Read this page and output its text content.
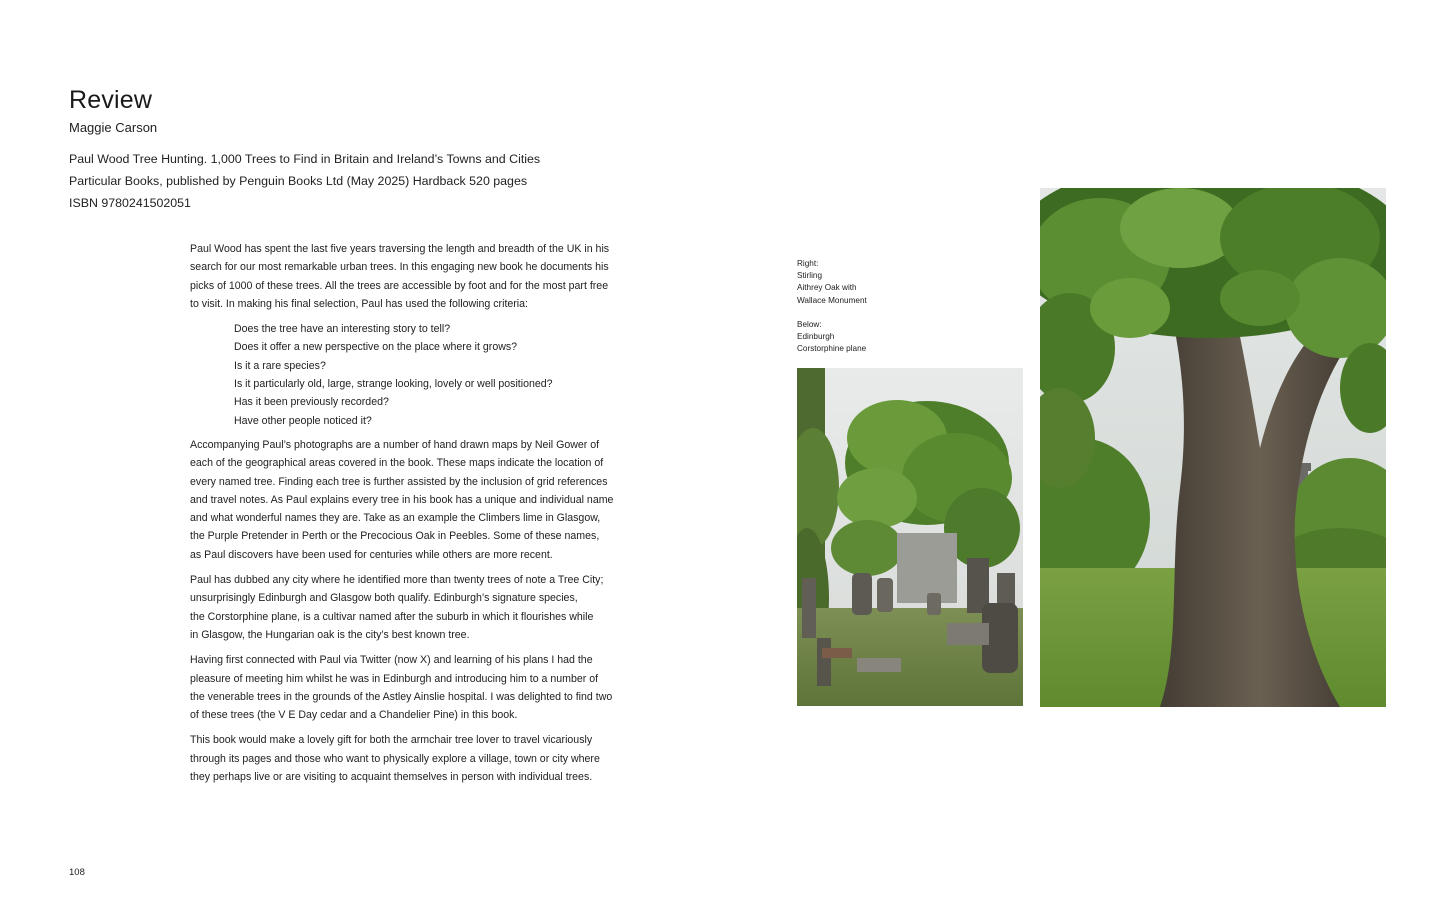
Review
Maggie Carson
Paul Wood Tree Hunting. 1,000 Trees to Find in Britain and Ireland’s Towns and Cities
Particular Books, published by Penguin Books Ltd (May 2025) Hardback 520 pages
ISBN 9780241502051
Paul Wood has spent the last five years traversing the length and breadth of the UK in his
search for our most remarkable urban trees. In this engaging new book he documents his
picks of 1000 of these trees. All the trees are accessible by foot and for the most part free
to visit. In making his final selection, Paul has used the following criteria:
Does the tree have an interesting story to tell?
Does it offer a new perspective on the place where it grows?
Is it a rare species?
Is it particularly old, large, strange looking, lovely or well positioned?
Has it been previously recorded?
Have other people noticed it?
Accompanying Paul’s photographs are a number of hand drawn maps by Neil Gower of
each of the geographical areas covered in the book. These maps indicate the location of
every named tree. Finding each tree is further assisted by the inclusion of grid references
and travel notes. As Paul explains every tree in his book has a unique and individual name
and what wonderful names they are. Take as an example the Climbers lime in Glasgow,
the Purple Pretender in Perth or the Precocious Oak in Peebles. Some of these names,
as Paul discovers have been used for centuries while others are more recent.
Paul has dubbed any city where he identified more than twenty trees of note a Tree City;
unsurprisingly Edinburgh and Glasgow both qualify. Edinburgh’s signature species,
the Corstorphine plane, is a cultivar named after the suburb in which it flourishes while
in Glasgow, the Hungarian oak is the city’s best known tree.
Having first connected with Paul via Twitter (now X) and learning of his plans I had the
pleasure of meeting him whilst he was in Edinburgh and introducing him to a number of
the venerable trees in the grounds of the Astley Ainslie hospital. I was delighted to find two
of these trees (the V E Day cedar and a Chandelier Pine) in this book.
This book would make a lovely gift for both the armchair tree lover to travel vicariously
through its pages and those who want to physically explore a village, town or city where
they perhaps live or are visiting to acquaint themselves in person with individual trees.
Right:
Stirling
Aithrey Oak with
Wallace Monument
Below:
Edinburgh
Corstorphine plane
108
